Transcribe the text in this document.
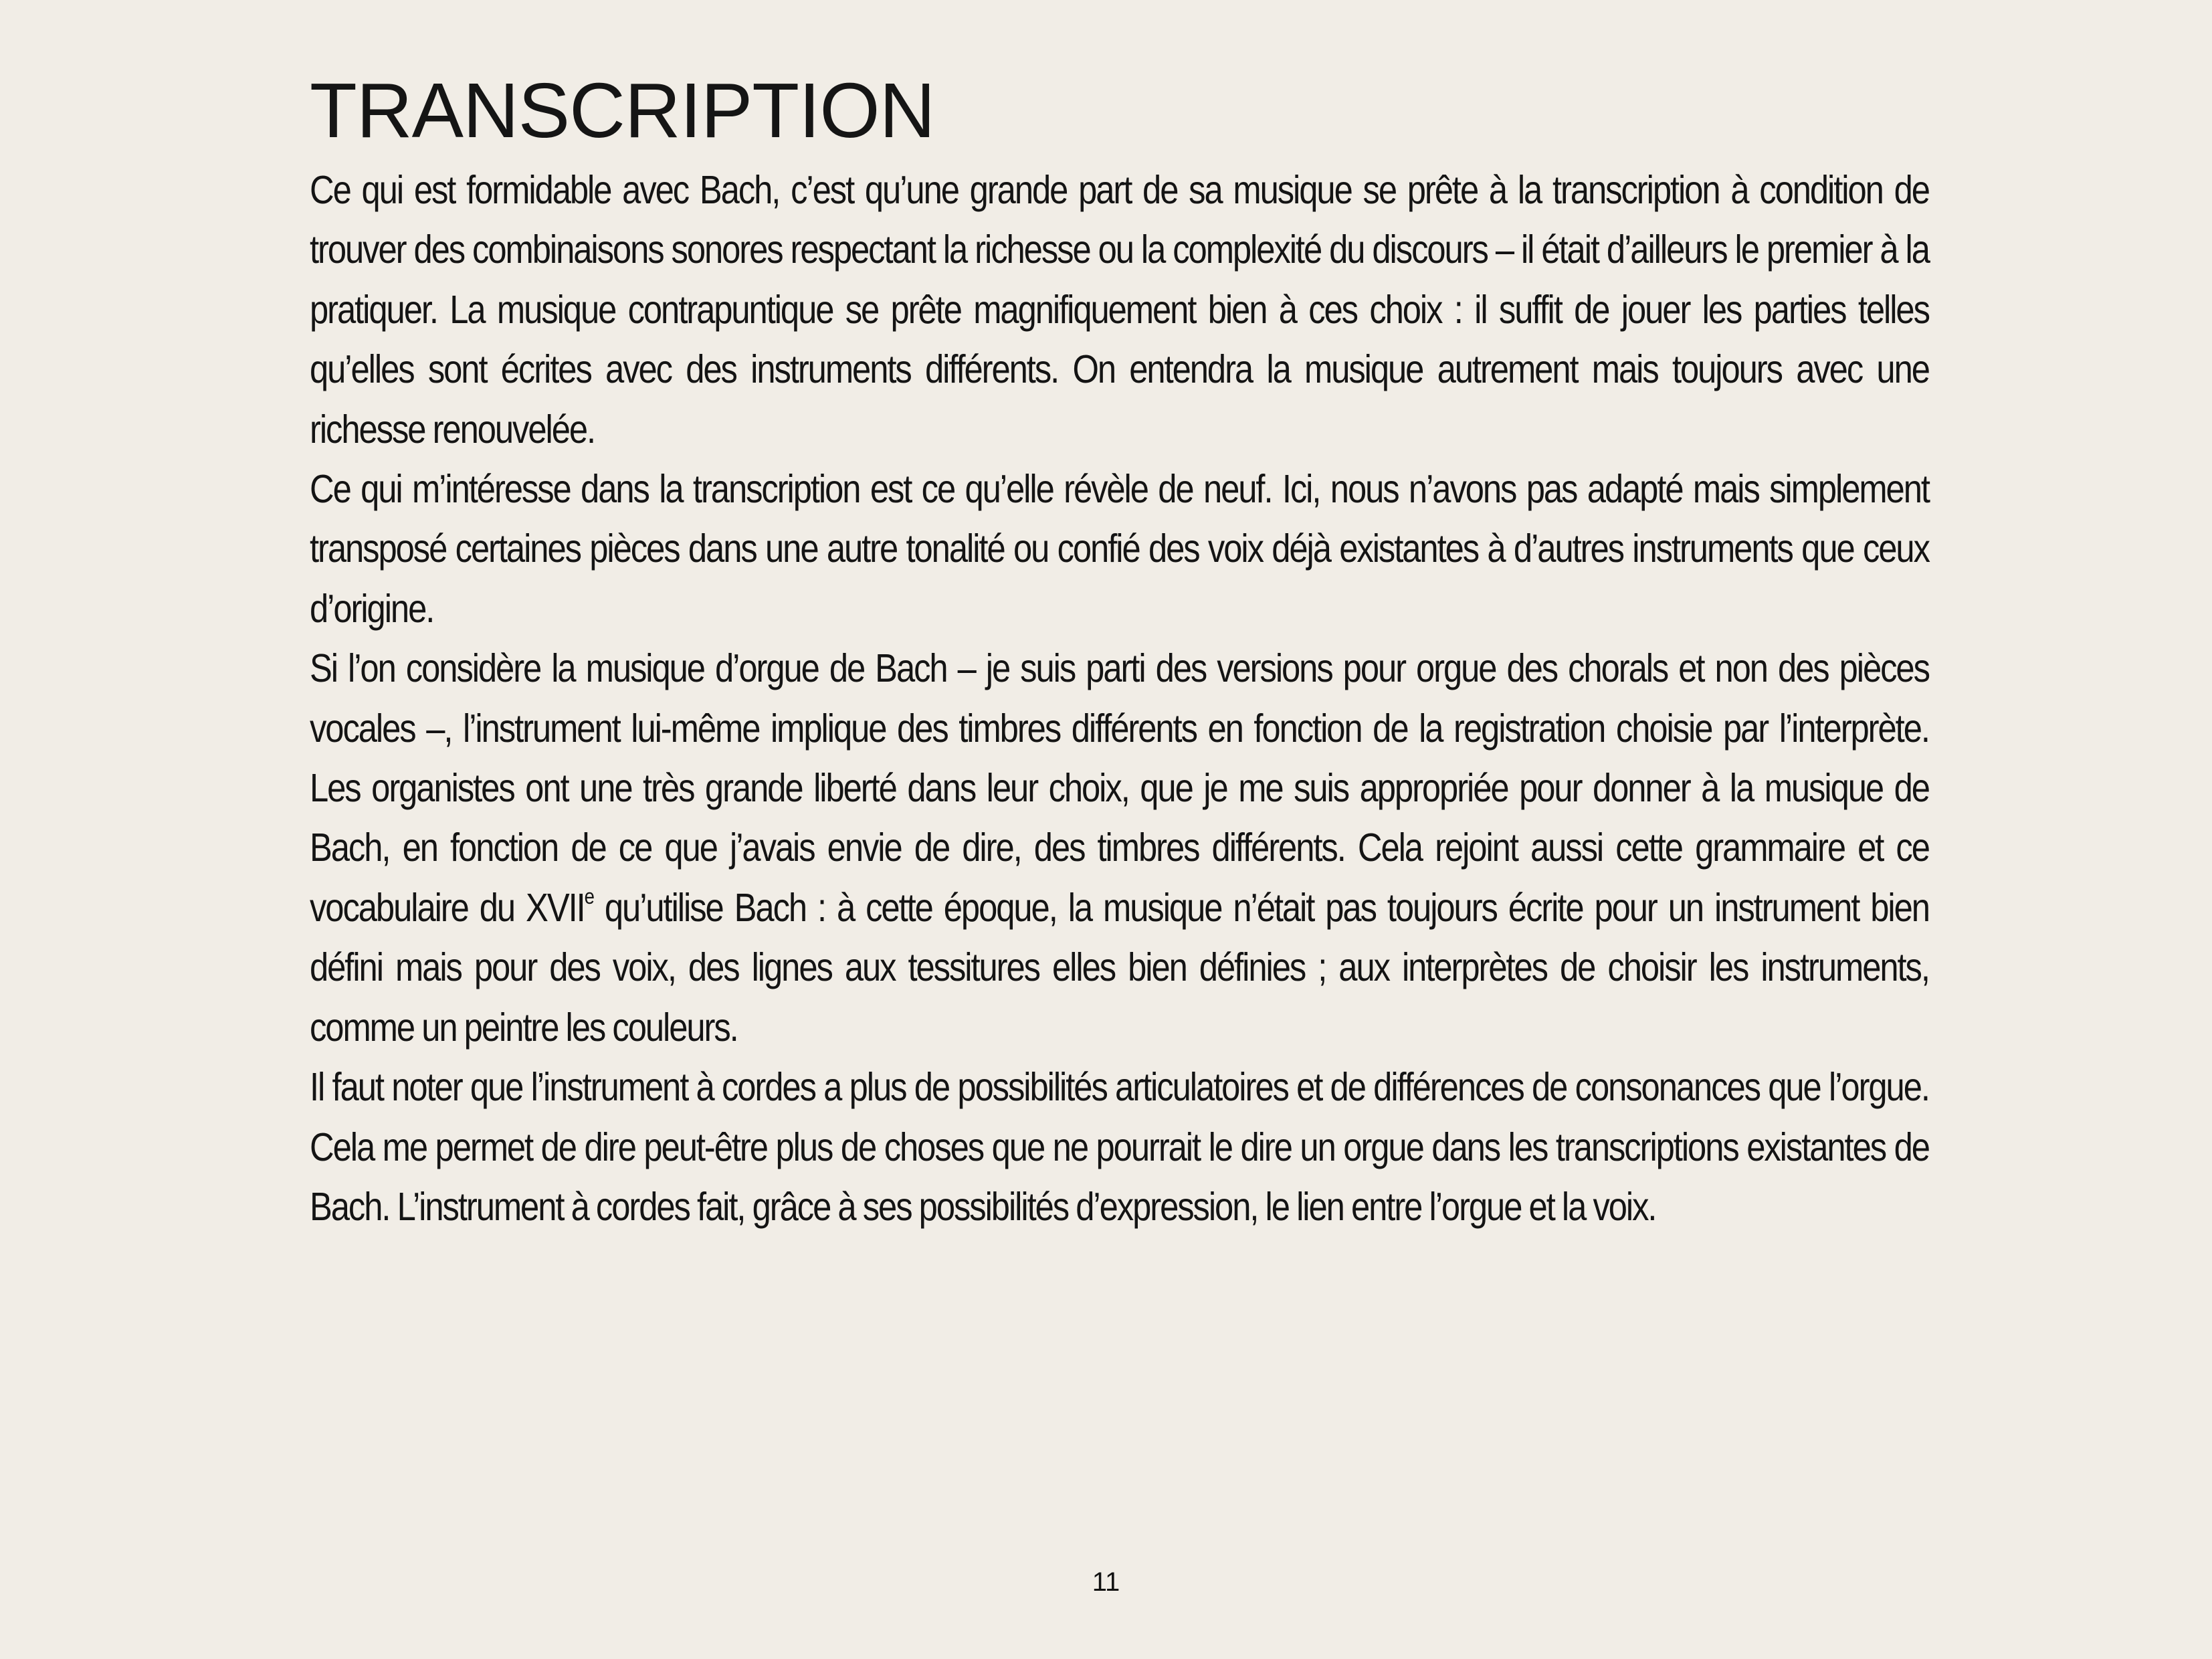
TRANSCRIPTION

Ce qui est formidable avec Bach, c’est qu’une grande part de sa musique se prête à la transcription à condition de trouver des combinaisons sonores respectant la richesse ou la complexité du discours – il était d’ailleurs le premier à la pratiquer. La musique contrapuntique se prête magnifiquement bien à ces choix : il suffit de jouer les parties telles qu’elles sont écrites avec des instruments différents. On entendra la musique autrement mais toujours avec une richesse renouvelée.

Ce qui m’intéresse dans la transcription est ce qu’elle révèle de neuf. Ici, nous n’avons pas adapté mais simplement transposé certaines pièces dans une autre tonalité ou confié des voix déjà existantes à d’autres instruments que ceux d’origine.

Si l’on considère la musique d’orgue de Bach – je suis parti des versions pour orgue des chorals et non des pièces vocales –, l’instrument lui-même implique des timbres différents en fonction de la registration choisie par l’interprète. Les organistes ont une très grande liberté dans leur choix, que je me suis appropriée pour donner à la musique de Bach, en fonction de ce que j’avais envie de dire, des timbres différents. Cela rejoint aussi cette grammaire et ce vocabulaire du XVIIe qu’utilise Bach : à cette époque, la musique n’était pas toujours écrite pour un instrument bien défini mais pour des voix, des lignes aux tessitures elles bien définies ; aux interprètes de choisir les instruments, comme un peintre les couleurs.

Il faut noter que l’instrument à cordes a plus de possibilités articulatoires et de différences de consonances que l’orgue. Cela me permet de dire peut-être plus de choses que ne pourrait le dire un orgue dans les transcriptions existantes de Bach. L’instrument à cordes fait, grâce à ses possibilités d’expression, le lien entre l’orgue et la voix.

11
